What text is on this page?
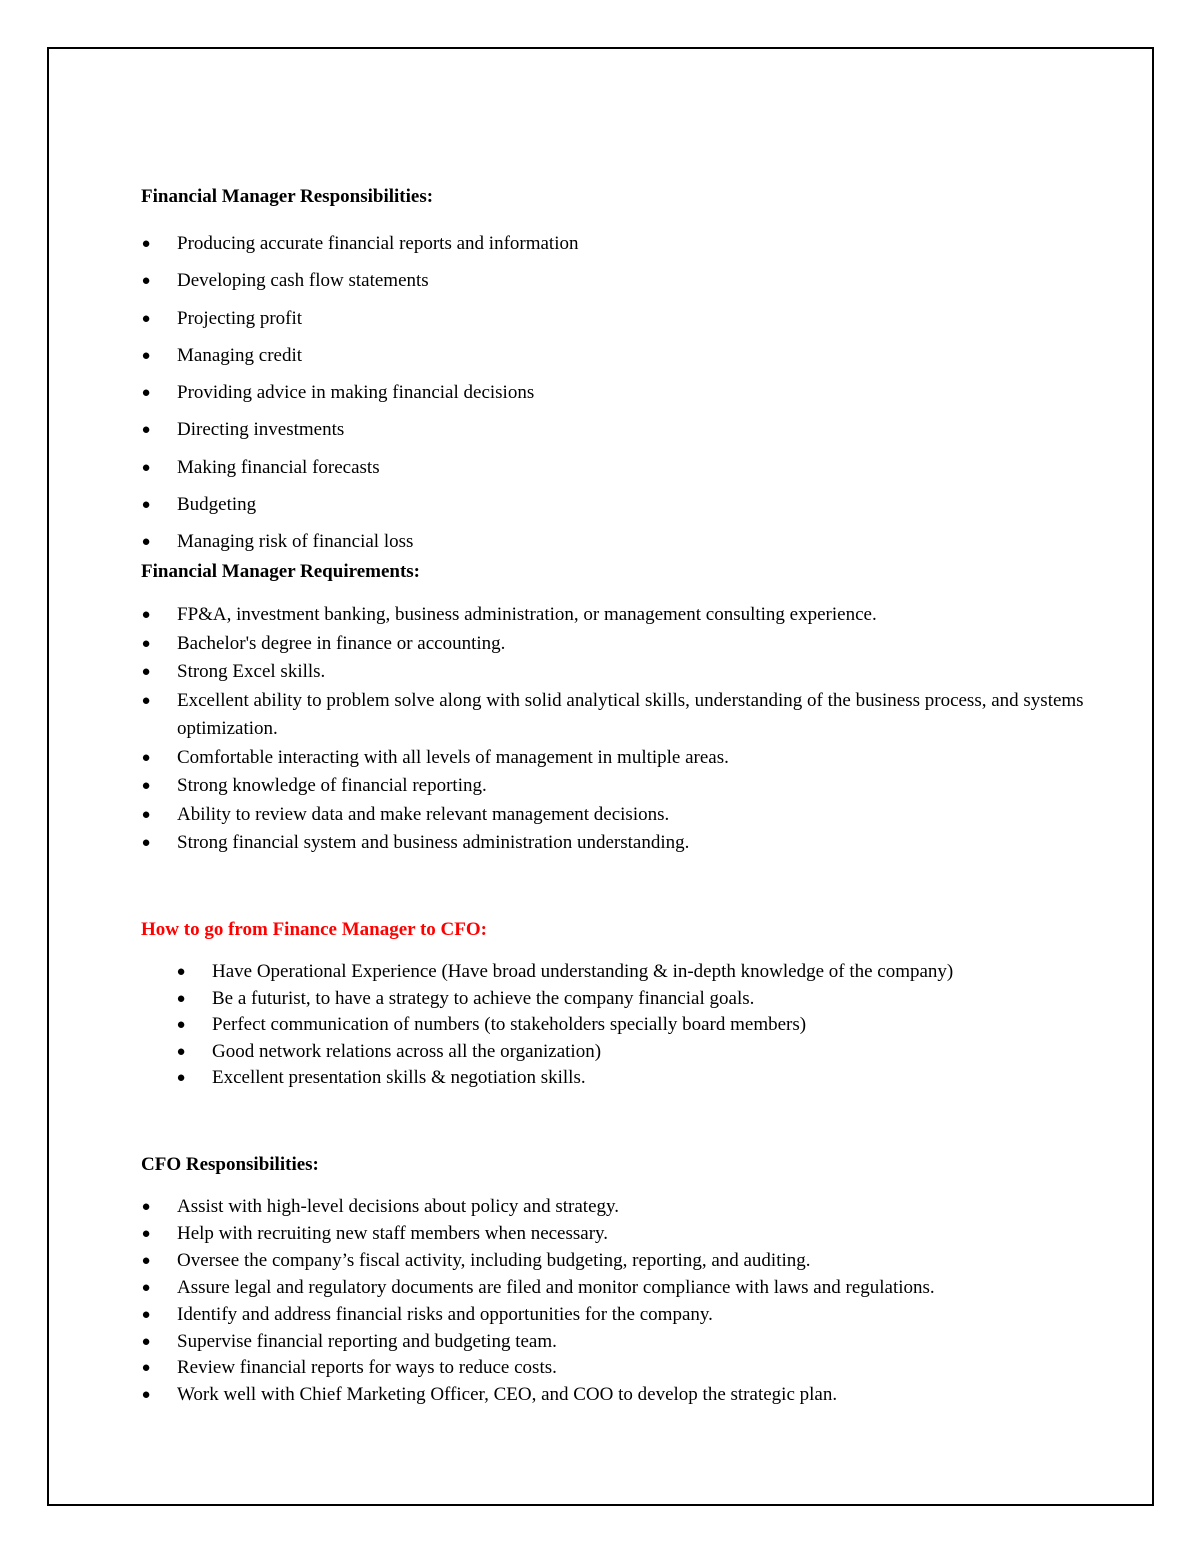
Financial Manager Responsibilities:
● Producing accurate financial reports and information
● Developing cash flow statements
● Projecting profit
● Managing credit
● Providing advice in making financial decisions
● Directing investments
● Making financial forecasts
● Budgeting
● Managing risk of financial loss
Financial Manager Requirements:
● FP&A, investment banking, business administration, or management consulting experience.
● Bachelor's degree in finance or accounting.
● Strong Excel skills.
● Excellent ability to problem solve along with solid analytical skills, understanding of the business process, and systems optimization.
● Comfortable interacting with all levels of management in multiple areas.
● Strong knowledge of financial reporting.
● Ability to review data and make relevant management decisions.
● Strong financial system and business administration understanding.
How to go from Finance Manager to CFO:
● Have Operational Experience (Have broad understanding & in-depth knowledge of the company)
● Be a futurist, to have a strategy to achieve the company financial goals.
● Perfect communication of numbers (to stakeholders specially board members)
● Good network relations across all the organization)
● Excellent presentation skills & negotiation skills.
CFO Responsibilities:
● Assist with high-level decisions about policy and strategy.
● Help with recruiting new staff members when necessary.
● Oversee the company’s fiscal activity, including budgeting, reporting, and auditing.
● Assure legal and regulatory documents are filed and monitor compliance with laws and regulations.
● Identify and address financial risks and opportunities for the company.
● Supervise financial reporting and budgeting team.
● Review financial reports for ways to reduce costs.
● Work well with Chief Marketing Officer, CEO, and COO to develop the strategic plan.
